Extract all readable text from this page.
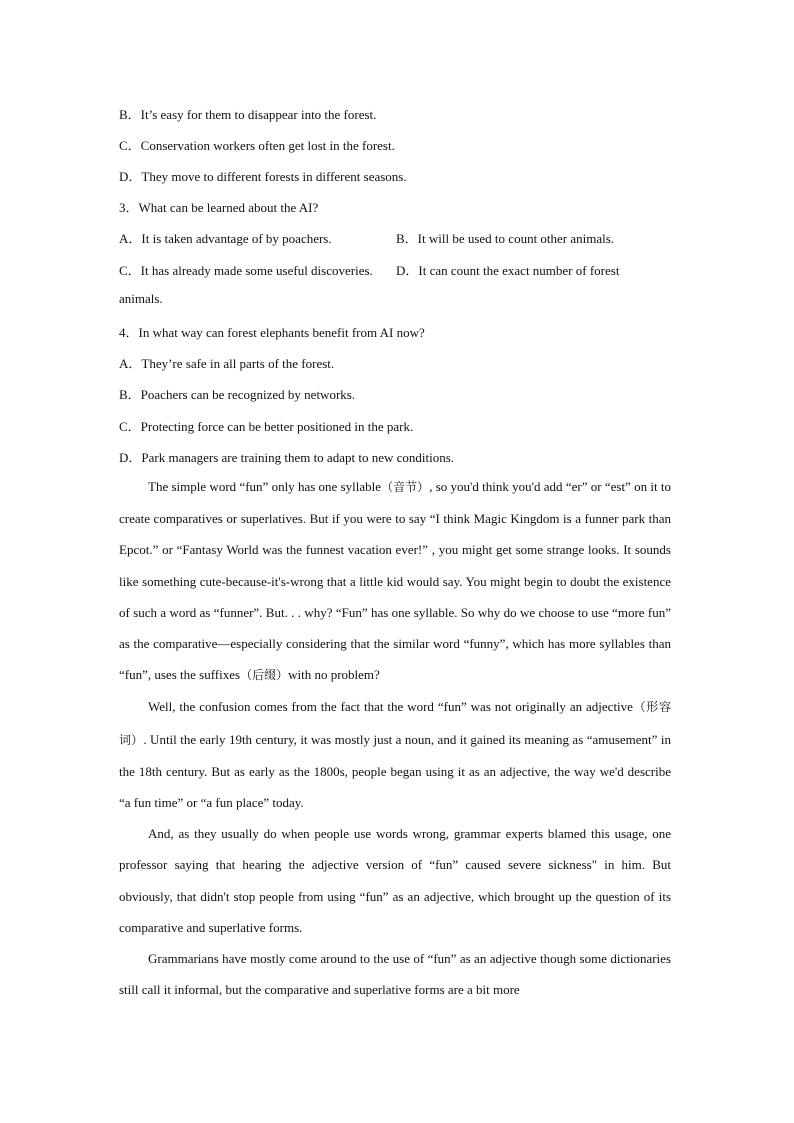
B．It’s easy for them to disappear into the forest.
C．Conservation workers often get lost in the forest.
D．They move to different forests in different seasons.
3．What can be learned about the AI?
A．It is taken advantage of by poachers.	B．It will be used to count other animals.
C．It has already made some useful discoveries. D．It can count the exact number of forest
animals.
4．In what way can forest elephants benefit from AI now?
A．They’re safe in all parts of the forest.
B．Poachers can be recognized by networks.
C．Protecting force can be better positioned in the park.
D．Park managers are training them to adapt to new conditions.

The simple word “fun” only has one syllable（音节）, so you'd think you'd add “er” or “est” on it to create comparatives or superlatives. But if you were to say “I think Magic Kingdom is a funner park than Epcot.” or “Fantasy World was the funnest vacation ever!” , you might get some strange looks. It sounds like something cute-because-it's-wrong that a little kid would say. You might begin to doubt the existence of such a word as “funner”. But. . . why? “Fun” has one syllable. So why do we choose to use “more fun” as the comparative—especially considering that the similar word “funny”, which has more syllables than “fun”, uses the suffixes（后缀）with no problem?

Well, the confusion comes from the fact that the word “fun” was not originally an adjective（形容词）. Until the early 19th century, it was mostly just a noun, and it gained its meaning as “amusement” in the 18th century. But as early as the 1800s, people began using it as an adjective, the way we'd describe “a fun time” or “a fun place” today.

And, as they usually do when people use words wrong, grammar experts blamed this usage, one professor saying that hearing the adjective version of “fun” caused severe sickness" in him. But obviously, that didn't stop people from using “fun” as an adjective, which brought up the question of its comparative and superlative forms.

Grammarians have mostly come around to the use of “fun” as an adjective though some dictionaries still call it informal, but the comparative and superlative forms are a bit more
